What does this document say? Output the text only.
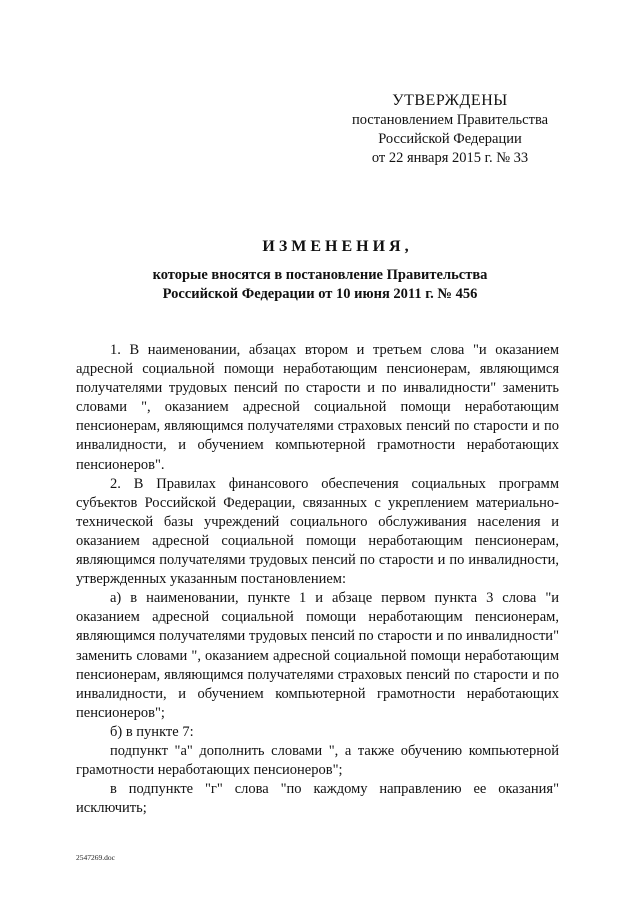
УТВЕРЖДЕНЫ
постановлением Правительства
Российской Федерации
от 22 января 2015 г. № 33
ИЗМЕНЕНИЯ,
которые вносятся в постановление Правительства
Российской Федерации от 10 июня 2011 г. № 456

1. В наименовании, абзацах втором и третьем слова "и оказанием адресной социальной помощи неработающим пенсионерам, являющимся получателями трудовых пенсий по старости и по инвалидности" заменить словами ", оказанием адресной социальной помощи неработающим пенсионерам, являющимся получателями страховых пенсий по старости и по инвалидности, и обучением компьютерной грамотности неработающих пенсионеров".

2. В Правилах финансового обеспечения социальных программ субъектов Российской Федерации, связанных с укреплением материально-технической базы учреждений социального обслуживания населения и оказанием адресной социальной помощи неработающим пенсионерам, являющимся получателями трудовых пенсий по старости и по инвалидности, утвержденных указанным постановлением:

а) в наименовании, пункте 1 и абзаце первом пункта 3 слова "и оказанием адресной социальной помощи неработающим пенсионерам, являющимся получателями трудовых пенсий по старости и по инвалидности" заменить словами ", оказанием адресной социальной помощи неработающим пенсионерам, являющимся получателями страховых пенсий по старости и по инвалидности, и обучением компьютерной грамотности неработающих пенсионеров";

б) в пункте 7:

подпункт "а" дополнить словами ", а также обучению компьютерной грамотности неработающих пенсионеров";

в подпункте "г" слова "по каждому направлению ее оказания" исключить;

2547269.doc
